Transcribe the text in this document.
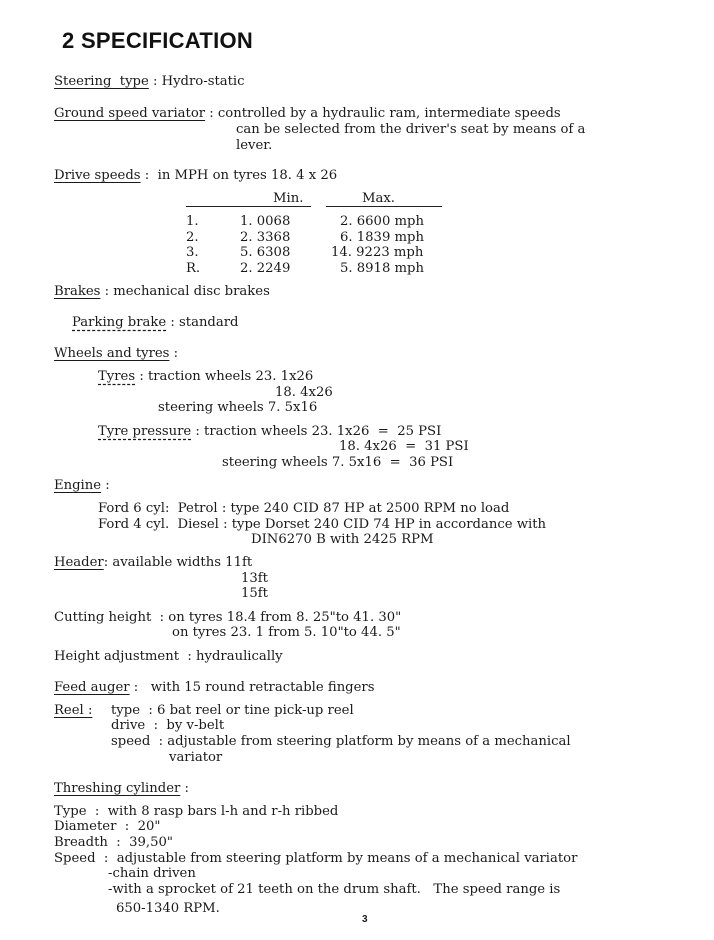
2 SPECIFICATION
Steering  type : Hydro-static
Ground speed variator : controlled by a hydraulic ram, intermediate speeds
can be selected from the driver's seat by means of a
lever.
Drive speeds :  in MPH on tyres 18. 4 x 26
Min.	Max.
1.	1. 0068	2. 6600 mph
2.	2. 3368	6. 1839 mph
3.	5. 6308	14. 9223 mph
R.	2. 2249	5. 8918 mph
Brakes : mechanical disc brakes
Parking brake : standard
Wheels and tyres :
Tyres : traction wheels 23. 1x26
18. 4x26
steering wheels 7. 5x16
Tyre pressure : traction wheels 23. 1x26  =  25 PSI
18. 4x26  =  31 PSI
steering wheels 7. 5x16  =  36 PSI
Engine :
Ford 6 cyl:  Petrol : type 240 CID 87 HP at 2500 RPM no load
Ford 4 cyl.  Diesel : type Dorset 240 CID 74 HP in accordance with
DIN6270 B with 2425 RPM
Header: available widths 11ft
13ft
15ft
Cutting height  : on tyres 18.4 from 8. 25"to 41. 30"
on tyres 23. 1 from 5. 10"to 44. 5"
Height adjustment  : hydraulically
Feed auger :   with 15 round retractable fingers
Reel : type  : 6 bat reel or tine pick-up reel
drive  :  by v-belt
speed  : adjustable from steering platform by means of a mechanical
variator
Threshing cylinder :
Type  :  with 8 rasp bars l-h and r-h ribbed
Diameter  :  20"
Breadth  :  39,50"
Speed  :  adjustable from steering platform by means of a mechanical variator
-chain driven
-with a sprocket of 21 teeth on the drum shaft.   The speed range is
650-1340 RPM.
3
